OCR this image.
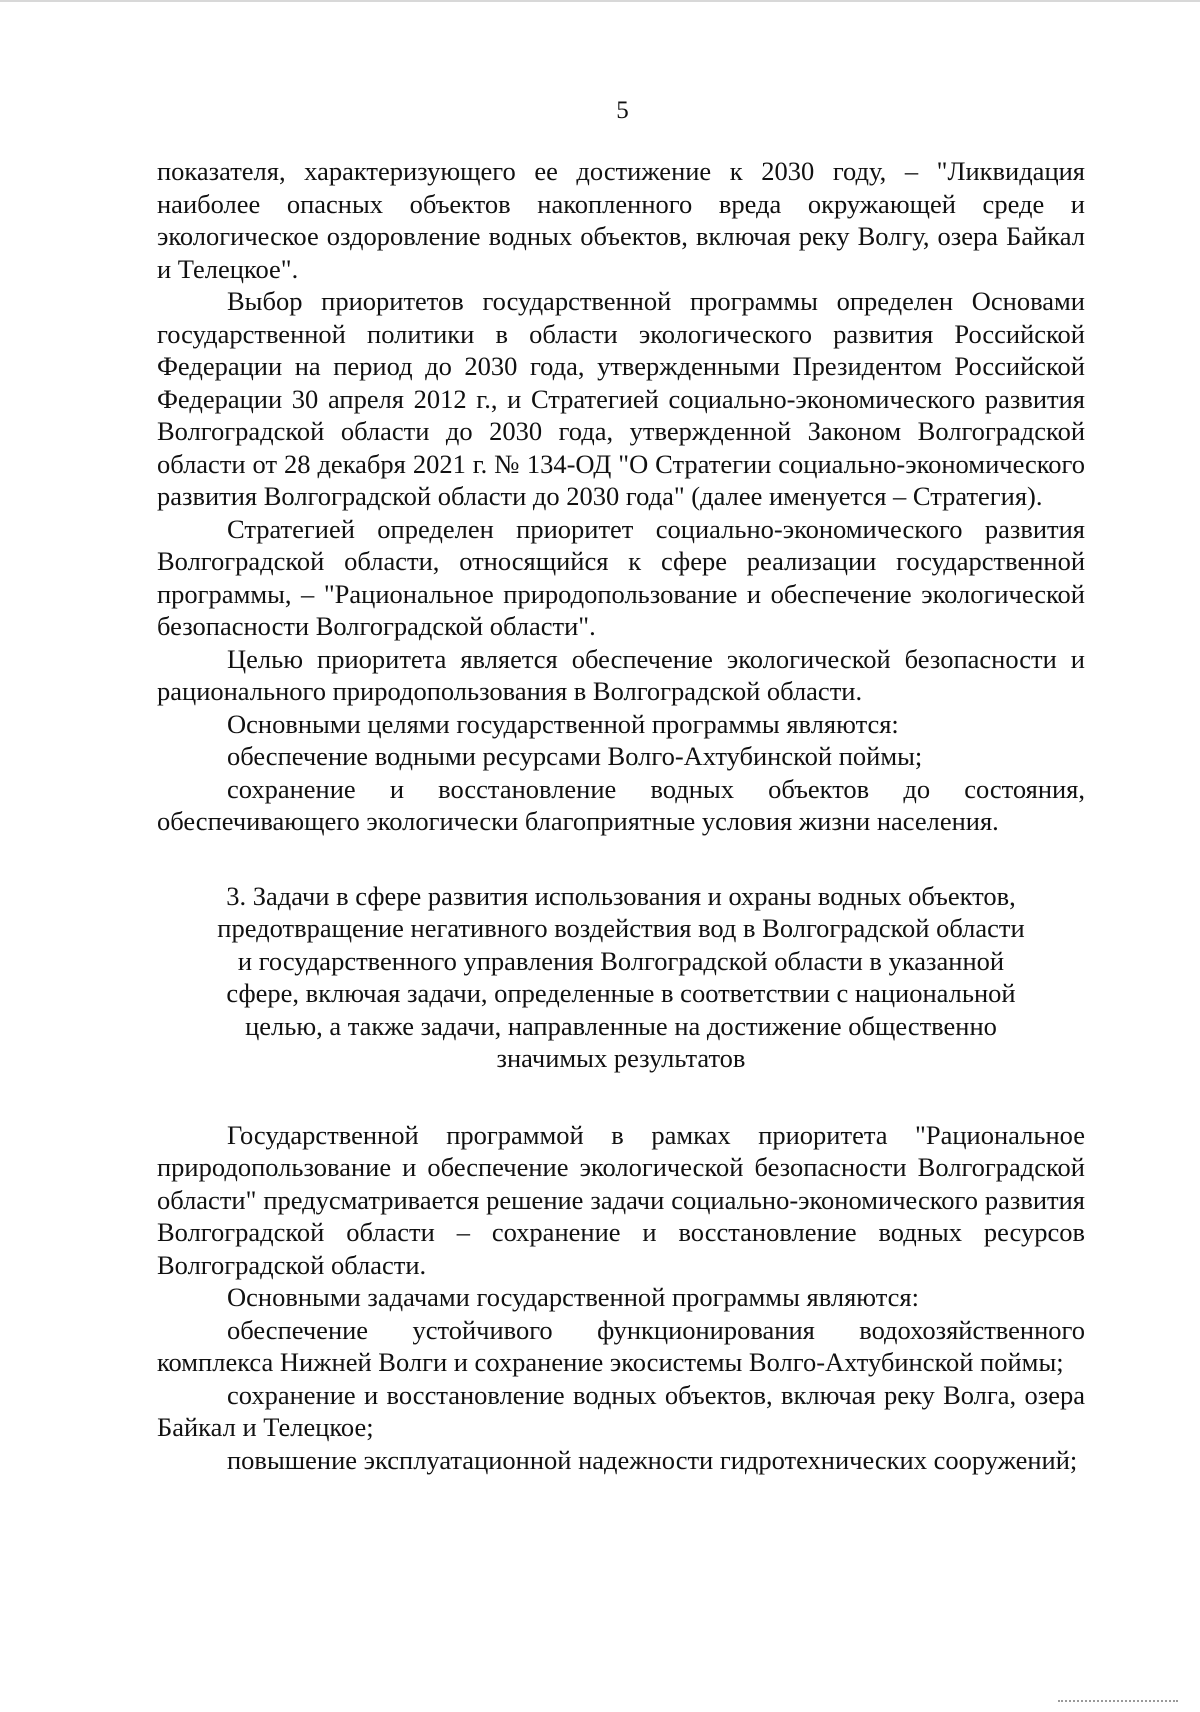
5

показателя, характеризующего ее достижение к 2030 году, – "Ликвидация наиболее опасных объектов накопленного вреда окружающей среде и экологическое оздоровление водных объектов, включая реку Волгу, озера Байкал и Телецкое".

Выбор приоритетов государственной программы определен Основами государственной политики в области экологического развития Российской Федерации на период до 2030 года, утвержденными Президентом Российской Федерации 30 апреля 2012 г., и Стратегией социально-экономического развития Волгоградской области до 2030 года, утвержденной Законом Волгоградской области от 28 декабря 2021 г. № 134-ОД "О Стратегии социально-экономического развития Волгоградской области до 2030 года" (далее именуется – Стратегия).

Стратегией определен приоритет социально-экономического развития Волгоградской области, относящийся к сфере реализации государственной программы, – "Рациональное природопользование и обеспечение экологической безопасности Волгоградской области".

Целью приоритета является обеспечение экологической безопасности и рационального природопользования в Волгоградской области.

Основными целями государственной программы являются:

обеспечение водными ресурсами Волго-Ахтубинской поймы;

сохранение и восстановление водных объектов до состояния, обеспечивающего экологически благоприятные условия жизни населения.

3. Задачи в сфере развития использования и охраны водных объектов,
предотвращение негативного воздействия вод в Волгоградской области
и государственного управления Волгоградской области в указанной
сфере, включая задачи, определенные в соответствии с национальной
целью, а также задачи, направленные на достижение общественно
значимых результатов

Государственной программой в рамках приоритета "Рациональное природопользование и обеспечение экологической безопасности Волгоградской области" предусматривается решение задачи социально-экономического развития Волгоградской области – сохранение и восстановление водных ресурсов Волгоградской области.

Основными задачами государственной программы являются:

обеспечение устойчивого функционирования водохозяйственного комплекса Нижней Волги и сохранение экосистемы Волго-Ахтубинской поймы;

сохранение и восстановление водных объектов, включая реку Волга, озера Байкал и Телецкое;

повышение эксплуатационной надежности гидротехнических сооружений;
